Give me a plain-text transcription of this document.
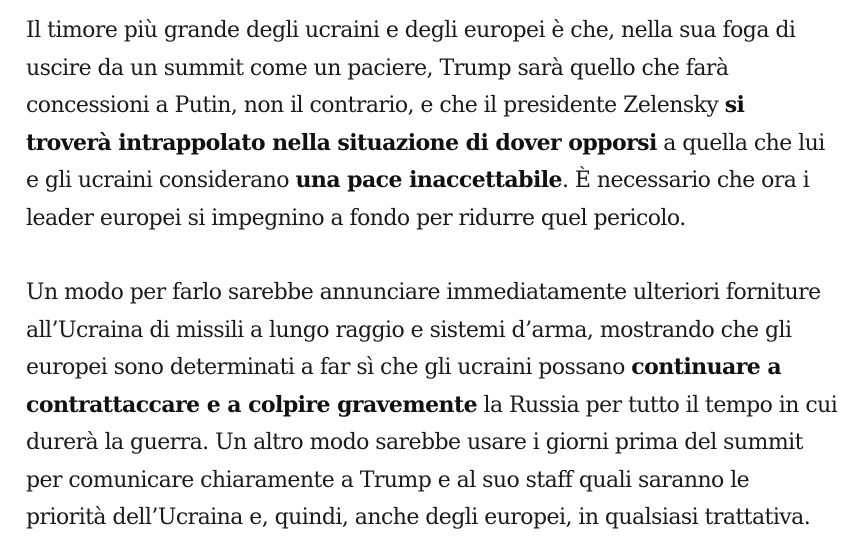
Il timore più grande degli ucraini e degli europei è che, nella sua foga di
uscire da un summit come un paciere, Trump sarà quello che farà
concessioni a Putin, non il contrario, e che il presidente Zelensky si
troverà intrappolato nella situazione di dover opporsi a quella che lui
e gli ucraini considerano una pace inaccettabile. È necessario che ora i
leader europei si impegnino a fondo per ridurre quel pericolo.

Un modo per farlo sarebbe annunciare immediatamente ulteriori forniture
all’Ucraina di missili a lungo raggio e sistemi d’arma, mostrando che gli
europei sono determinati a far sì che gli ucraini possano continuare a
contrattaccare e a colpire gravemente la Russia per tutto il tempo in cui
durerà la guerra. Un altro modo sarebbe usare i giorni prima del summit
per comunicare chiaramente a Trump e al suo staff quali saranno le
priorità dell’Ucraina e, quindi, anche degli europei, in qualsiasi trattativa.
